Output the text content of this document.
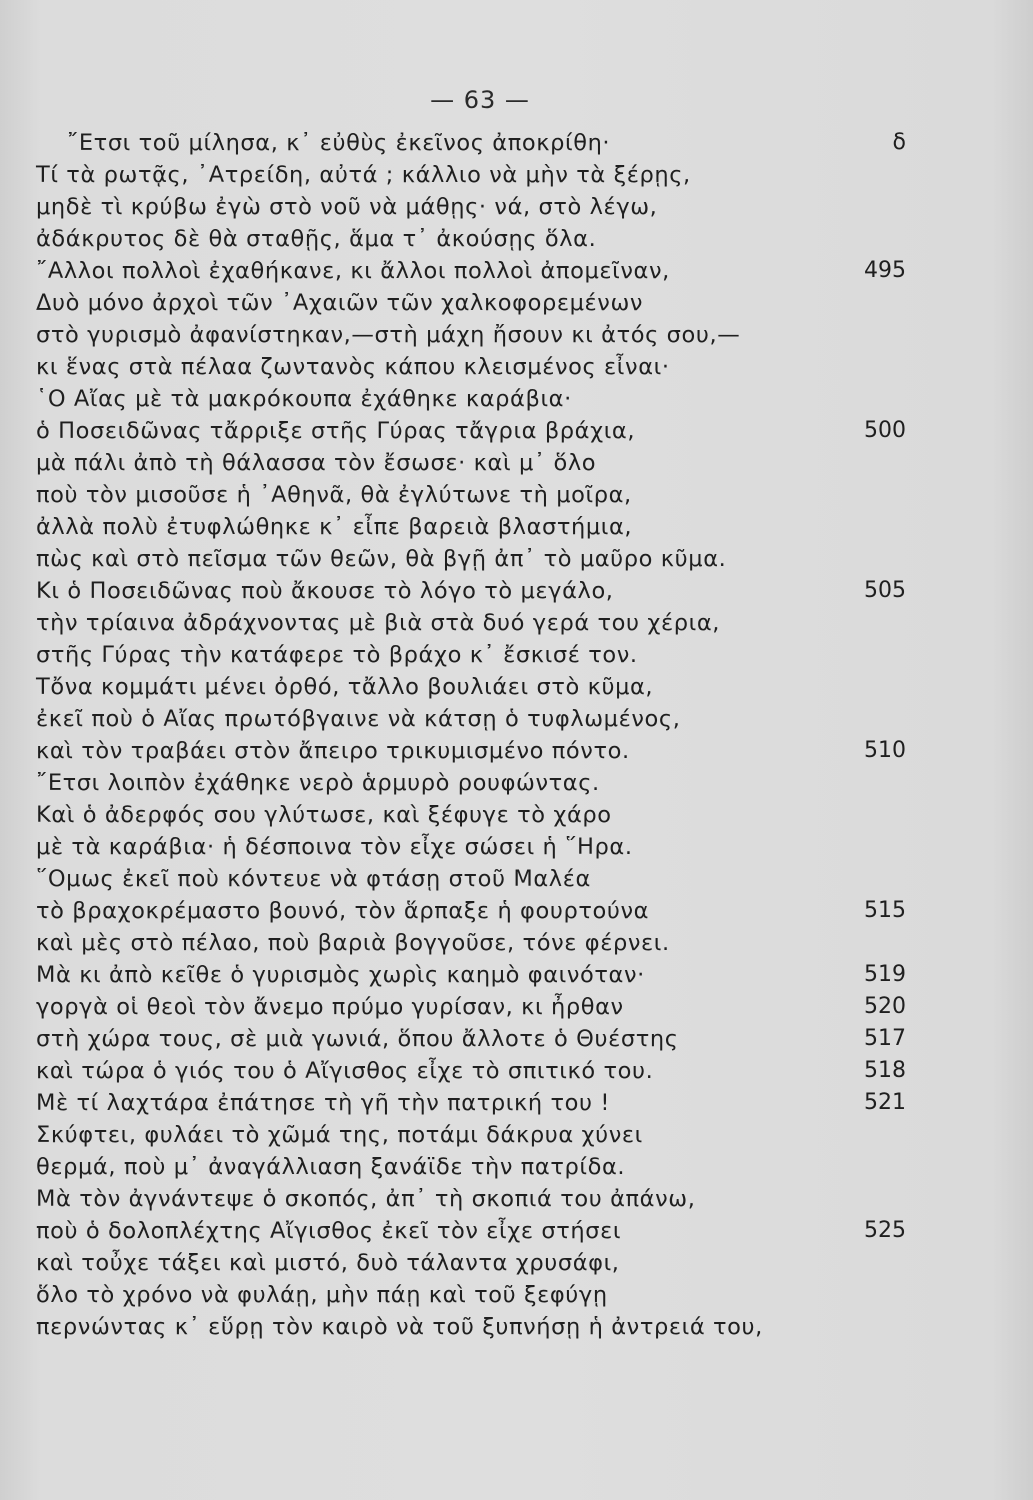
— 63 —
῎Ετσι τοῦ μίλησα, κ᾽ εὐθὺς ἐκεῖνος ἀποκρίθη·	δ
Τί τὰ ρωτᾷς, ᾽Ατρείδη, αὐτά ; κάλλιο νὰ μὴν τὰ ξέρῃς,
μηδὲ τὶ κρύβω ἐγὼ στὸ νοῦ νὰ μάθῃς· νά, στὸ λέγω,
ἀδάκρυτος δὲ θὰ σταθῇς, ἅμα τ᾽ ἀκούσῃς ὅλα.
῎Αλλοι πολλοὶ ἐχαθήκανε, κι ἄλλοι πολλοὶ ἀπομεῖναν,	495
Δυὸ μόνο ἀρχοὶ τῶν ᾽Αχαιῶν τῶν χαλκοφορεμένων
στὸ γυρισμὸ ἀφανίστηκαν,—στὴ μάχη ἤσουν κι ἀτός σου,—
κι ἕνας στὰ πέλαα ζωντανὸς κάπου κλεισμένος εἶναι·
῾Ο Αἴας μὲ τὰ μακρόκουπα ἐχάθηκε καράβια·
ὁ Ποσειδῶνας τἄρριξε στῆς Γύρας τἄγρια βράχια,	500
μὰ πάλι ἀπὸ τὴ θάλασσα τὸν ἔσωσε· καὶ μ᾽ ὅλο
ποὺ τὸν μισοῦσε ἡ ᾽Αθηνᾶ, θὰ ἐγλύτωνε τὴ μοῖρα,
ἀλλὰ πολὺ ἐτυφλώθηκε κ᾽ εἶπε βαρειὰ βλαστήμια,
πὼς καὶ στὸ πεῖσμα τῶν θεῶν, θὰ βγῇ ἀπ᾽ τὸ μαῦρο κῦμα.
Κι ὁ Ποσειδῶνας ποὺ ἄκουσε τὸ λόγο τὸ μεγάλο,	505
τὴν τρίαινα ἀδράχνοντας μὲ βιὰ στὰ δυό γερά του χέρια,
στῆς Γύρας τὴν κατάφερε τὸ βράχο κ᾽ ἔσκισέ τον.
Τὄνα κομμάτι μένει ὀρθό, τἄλλο βουλιάει στὸ κῦμα,
ἐκεῖ ποὺ ὁ Αἴας πρωτόβγαινε νὰ κάτσῃ ὁ τυφλωμένος,
καὶ τὸν τραβάει στὸν ἄπειρο τρικυμισμένο πόντο.	510
῎Ετσι λοιπὸν ἐχάθηκε νερὸ ἁρμυρὸ ρουφώντας.
Καὶ ὁ ἀδερφός σου γλύτωσε, καὶ ξέφυγε τὸ χάρο
μὲ τὰ καράβια· ἡ δέσποινα τὸν εἶχε σώσει ἡ ῞Ηρα.
῞Ομως ἐκεῖ ποὺ κόντευε νὰ φτάσῃ στοῦ Μαλέα
τὸ βραχοκρέμαστο βουνό, τὸν ἅρπαξε ἡ φουρτούνα	515
καὶ μὲς στὸ πέλαο, ποὺ βαριὰ βογγοῦσε, τόνε φέρνει.
Μὰ κι ἀπὸ κεῖθε ὁ γυρισμὸς χωρὶς καημὸ φαινόταν·	519
γοργὰ οἱ θεοὶ τὸν ἄνεμο πρύμο γυρίσαν, κι ἦρθαν	520
στὴ χώρα τους, σὲ μιὰ γωνιά, ὅπου ἄλλοτε ὁ Θυέστης	517
καὶ τώρα ὁ γιός του ὁ Αἴγισθος εἶχε τὸ σπιτικό του.	518
Μὲ τί λαχτάρα ἐπάτησε τὴ γῆ τὴν πατρική του !	521
Σκύφτει, φυλάει τὸ χῶμά της, ποτάμι δάκρυα χύνει
θερμά, ποὺ μ᾽ ἀναγάλλιαση ξανάϊδε τὴν πατρίδα.
Μὰ τὸν ἀγνάντεψε ὁ σκοπός, ἀπ᾽ τὴ σκοπιά του ἀπάνω,
ποὺ ὁ δολοπλέχτης Αἴγισθος ἐκεῖ τὸν εἶχε στήσει	525
καὶ τοὖχε τάξει καὶ μιστό, δυὸ τάλαντα χρυσάφι,
ὅλο τὸ χρόνο νὰ φυλάῃ, μὴν πάῃ καὶ τοῦ ξεφύγῃ
περνώντας κ᾽ εὕρῃ τὸν καιρὸ νὰ τοῦ ξυπνήσῃ ἡ ἀντρειά του,
